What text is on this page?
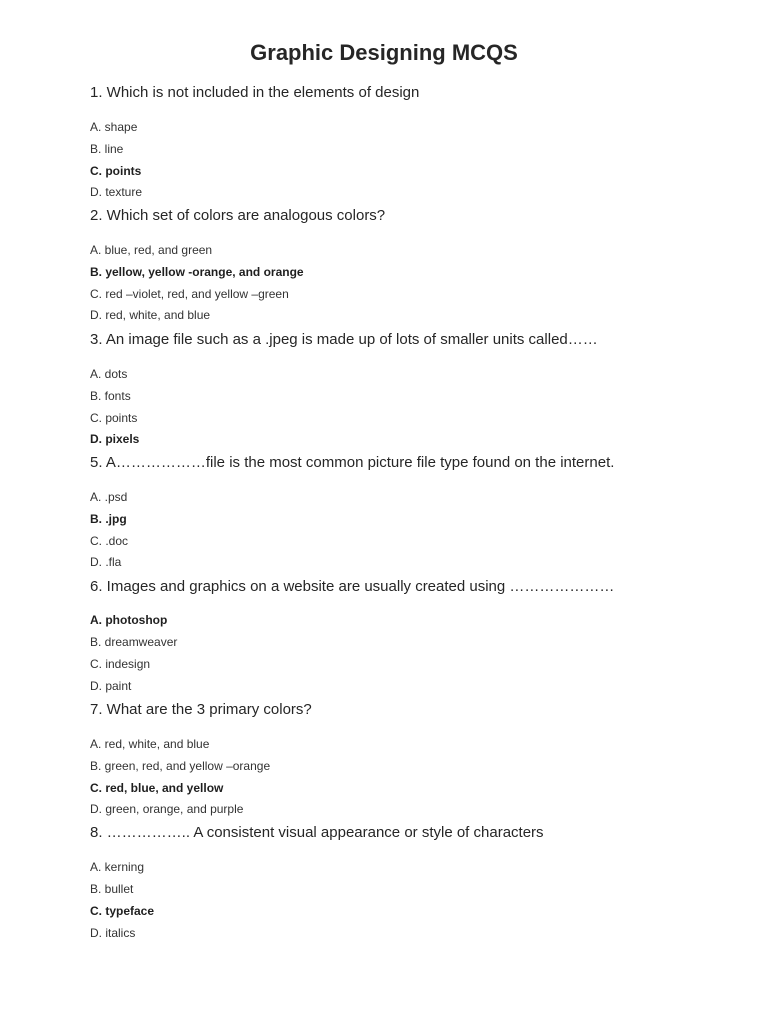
Graphic Designing MCQS
1. Which is not included in the elements of design
A. shape
B. line
C. points
D. texture
2. Which set of colors are analogous colors?
A. blue, red, and green
B. yellow, yellow -orange, and orange
C. red –violet, red, and yellow –green
D. red, white, and blue
3. An image file such as a .jpeg is made up of lots of smaller units called……
A. dots
B. fonts
C. points
D. pixels
5. A………………file is the most common picture file type found on the internet.
A. .psd
B. .jpg
C. .doc
D. .fla
6. Images and graphics on a website are usually created using …………………
A. photoshop
B. dreamweaver
C. indesign
D. paint
7. What are the 3 primary colors?
A. red, white, and blue
B. green, red, and yellow –orange
C. red, blue, and yellow
D. green, orange, and purple
8. …………….. A consistent visual appearance or style of characters
A. kerning
B. bullet
C. typeface
D. italics
